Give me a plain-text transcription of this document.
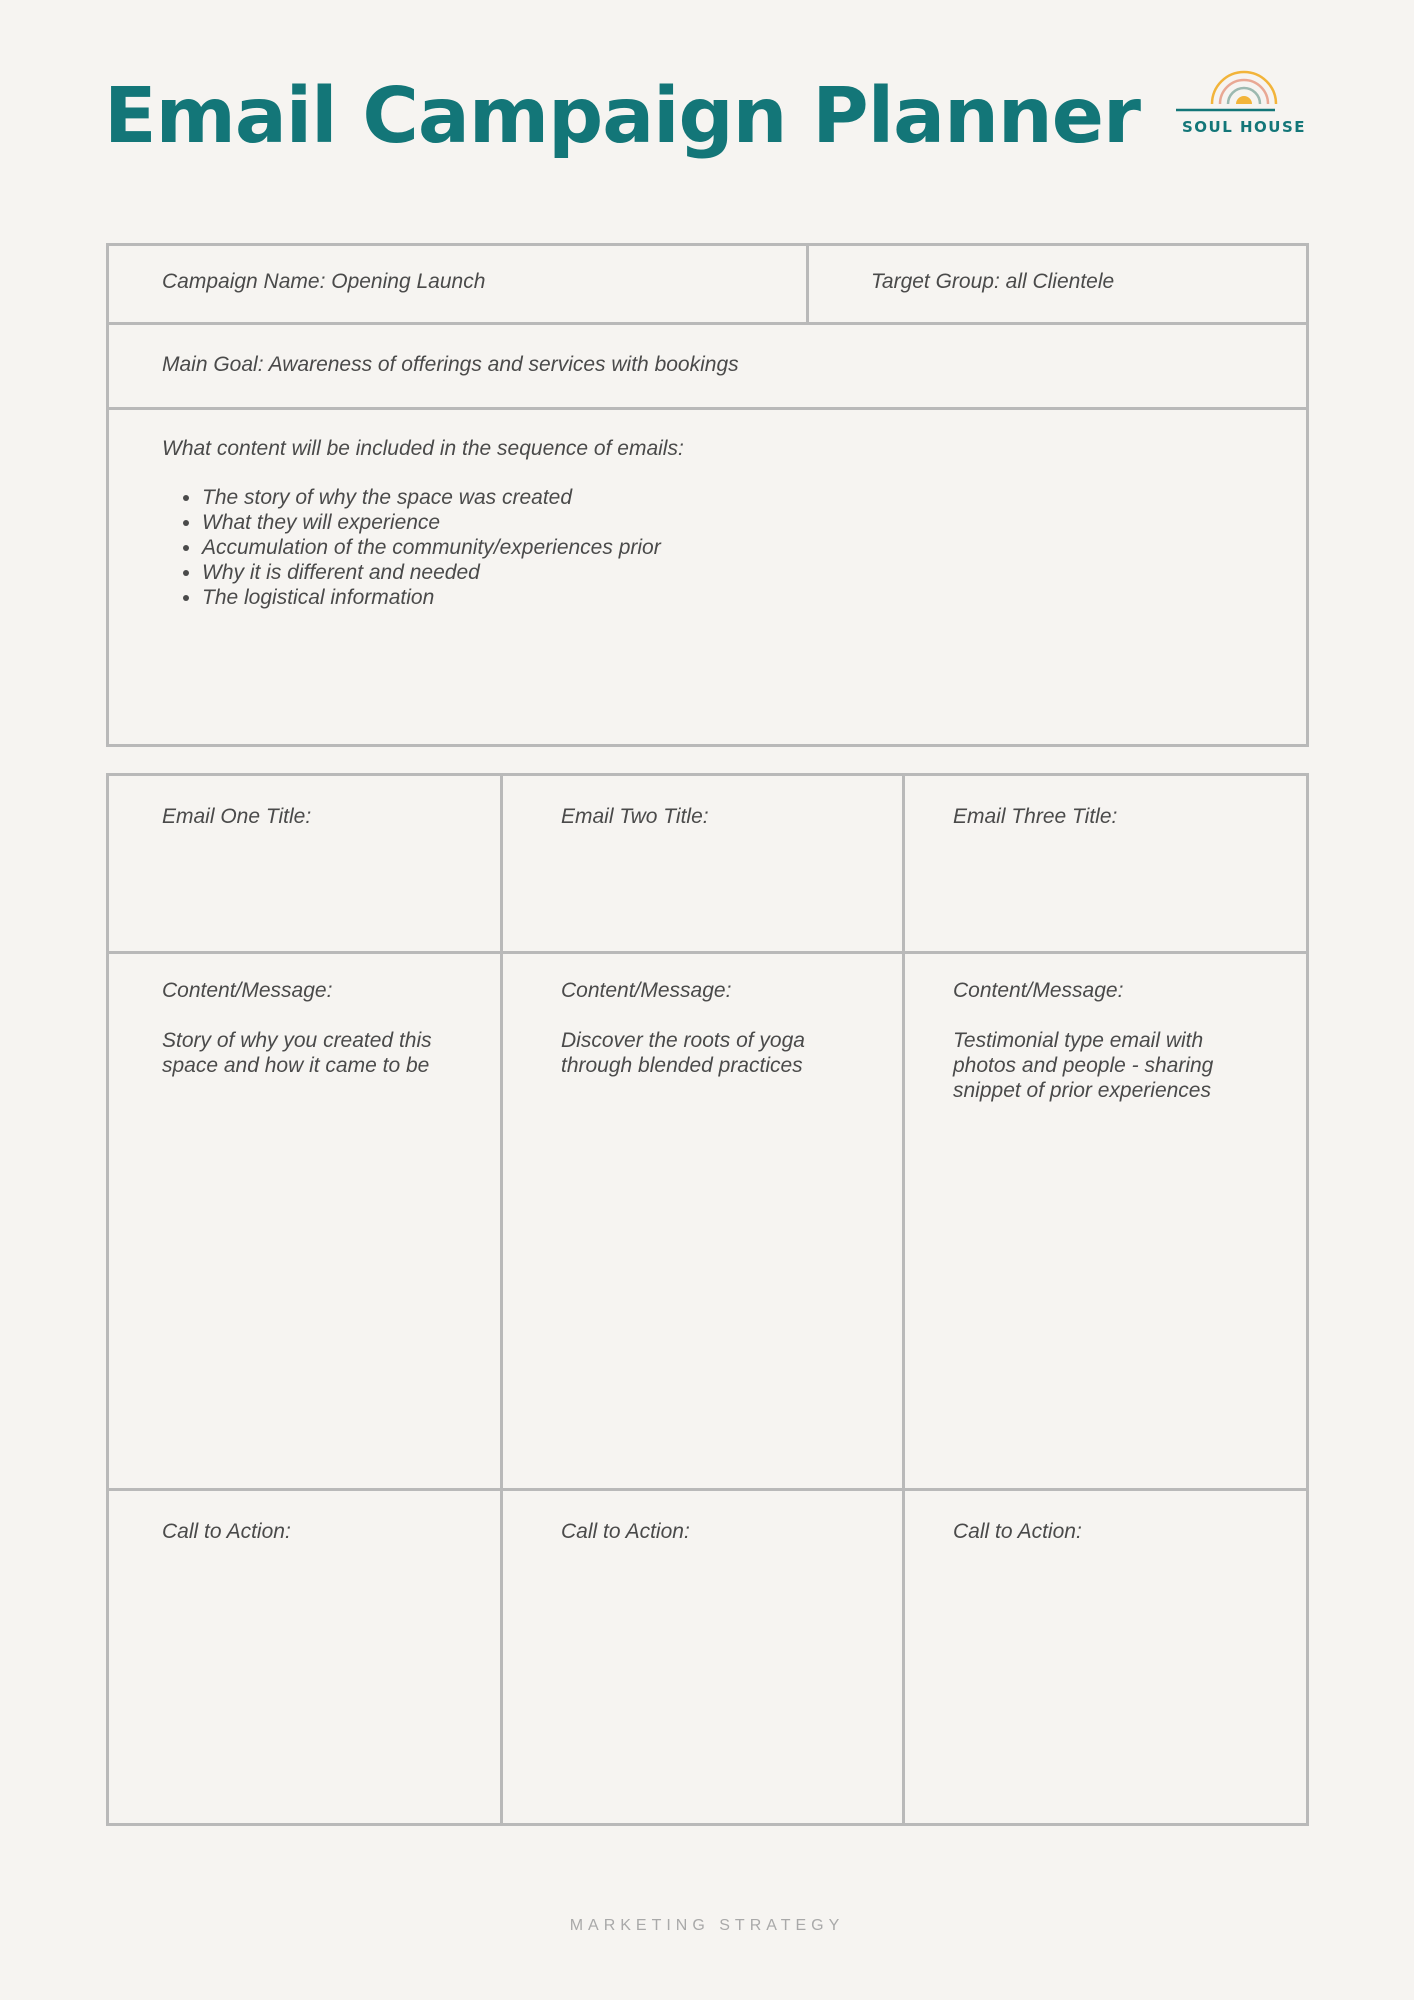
Email Campaign Planner	SOUL HOUSE
Campaign Name: Opening Launch	Target Group: all Clientele
Main Goal: Awareness of offerings and services with bookings
What content will be included in the sequence of emails:
• The story of why the space was created
• What they will experience
• Accumulation of the community/experiences prior
• Why it is different and needed
• The logistical information
Email One Title:
Content/Message:
Story of why you created this space and how it came to be
Call to Action:
Email Two Title:
Content/Message:
Discover the roots of yoga through blended practices
Call to Action:
Email Three Title:
Content/Message:
Testimonial type email with photos and people - sharing snippet of prior experiences
Call to Action:
MARKETING STRATEGY
